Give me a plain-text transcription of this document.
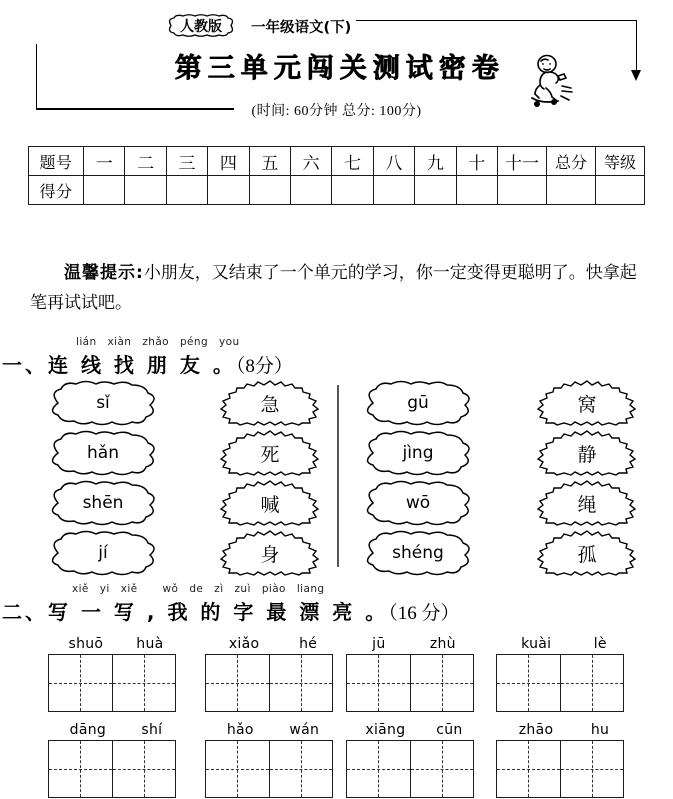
人教版 一年级语文(下)
第三单元闯关测试密卷
(时间: 60分钟 总分: 100分)
题号	一	二	三	四	五	六	七	八	九	十	十一	总分	等级
得分													
温馨提示:小朋友，又结束了一个单元的学习，你一定变得更聪明了。快拿起笔再试试吧。
lián xiàn zhǎo péng you
一、连 线 找 朋 友 。（8分）
sǐ
hǎn
shēn
jí
急
死
喊
身
gū
jìng
wō
shéng
窝
静
绳
孤
xiě yi xiě wǒ de zì zuì piào liang
二、写 一 写 , 我 的 字 最 漂 亮 。（16 分）
shuō huà	xiǎo	hé	jū	zhù	kuài	lè
dāng	shí	hǎo	wán	xiāng cūn	zhāo	hu
